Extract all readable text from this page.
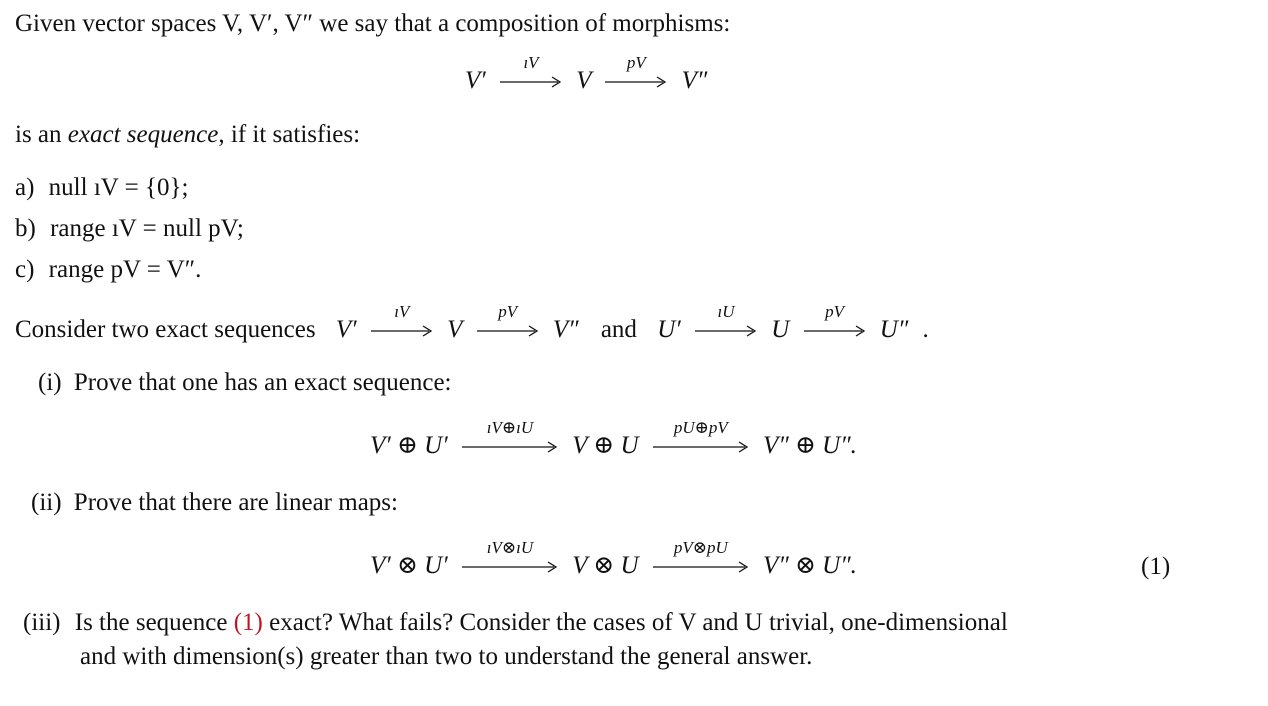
Given vector spaces V, V′, V″ we say that a composition of morphisms:
V′
ıV
V
pV
V″
is an exact sequence, if it satisfies:
a) null ıV = {0};
b) range ıV = null pV;
c) range pV = V″.
Consider two exact sequences V′
ıV
V
pV
V″ and U′
ıU
U
pV
U″ .
(i) Prove that one has an exact sequence:
V′ ⊕ U′
ıV⊕ıU
V ⊕ U
pU⊕pV
V″ ⊕ U″.
(ii) Prove that there are linear maps:
V′ ⊗ U′
ıV⊗ıU
V ⊗ U
pV⊗pU
V″ ⊗ U″.	(1)
(iii) Is the sequence (1) exact? What fails? Consider the cases of V and U trivial, one-dimensional
and with dimension(s) greater than two to understand the general answer.
